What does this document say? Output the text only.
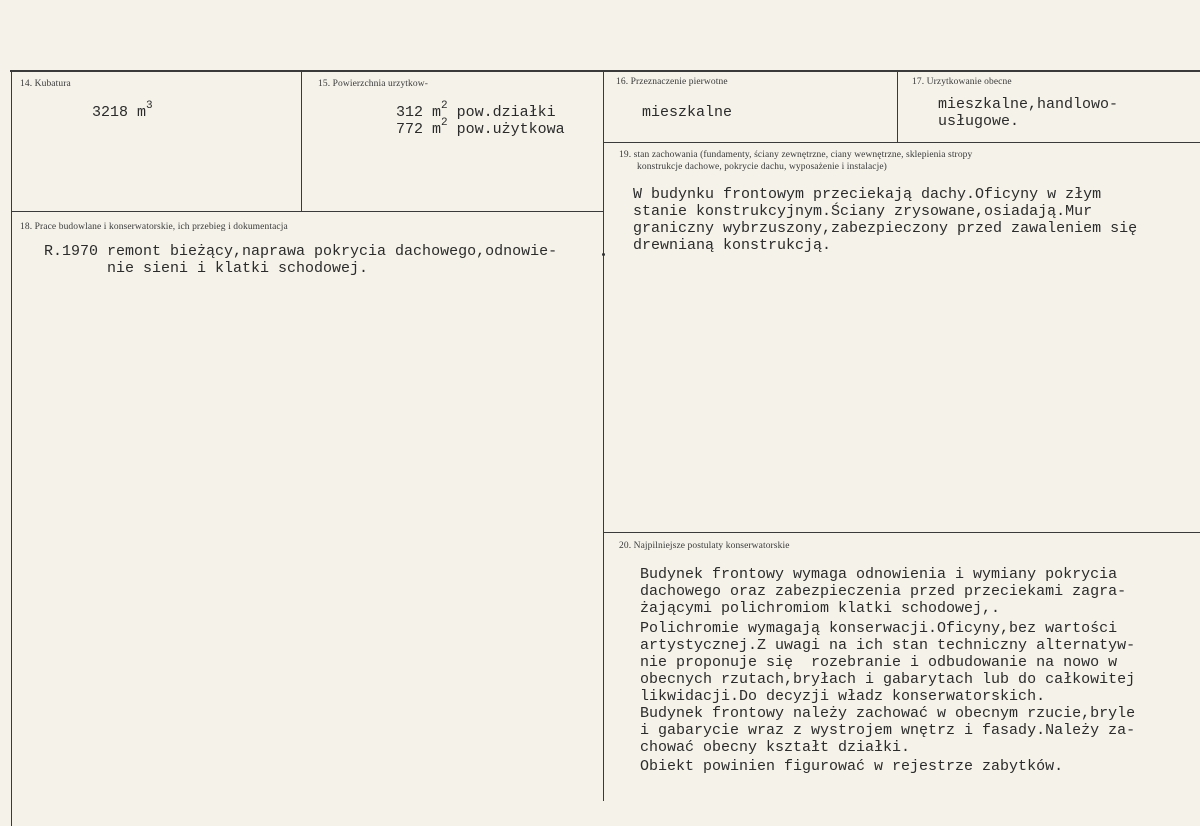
14. Kubatura
3218 $m^3$
15. Powierzchnia urzytkow-
312 $m^2$ pow.działki
772 $m^2$ pow.użytkowa
16. Przeznaczenie pierwotne
mieszkalne
17. Urzytkowanie obecne
mieszkalne,handlowo-
usługowe.
18. Prace budowlane i konserwatorskie, ich przebieg i dokumentacja
R.1970 remont bieżący,naprawa pokrycia dachowego,odnowie-
nie sieni i klatki schodowej.
19. stan zachowania (fundamenty, ściany zewnętrzne, ciany wewnętrzne, sklepienia stropy
konstrukcje dachowe, pokrycie dachu, wyposażenie i instalacje)
W budynku frontowym przeciekają dachy.Oficyny w złym
stanie konstrukcyjnym.Ściany zrysowane,osiadają.Mur
graniczny wybrzuszony,zabezpieczony przed zawaleniem się
drewnianą konstrukcją.
20. Najpilniejsze postulaty konserwatorskie
Budynek frontowy wymaga odnowienia i wymiany pokrycia
dachowego oraz zabezpieczenia przed przeciekami zagra-
żającymi polichromiom klatki schodowej,.
Polichromie wymagają konserwacji.Oficyny,bez wartości
artystycznej.Z uwagi na ich stan techniczny alternatyw-
nie proponuje się  rozebranie i odbudowanie na nowo w
obecnych rzutach,bryłach i gabarytach lub do całkowitej
likwidacji.Do decyzji władz konserwatorskich.
Budynek frontowy należy zachować w obecnym rzucie,bryle
i gabarycie wraz z wystrojem wnętrz i fasady.Należy za-
chować obecny kształt działki.
Obiekt powinien figurować w rejestrze zabytków.
